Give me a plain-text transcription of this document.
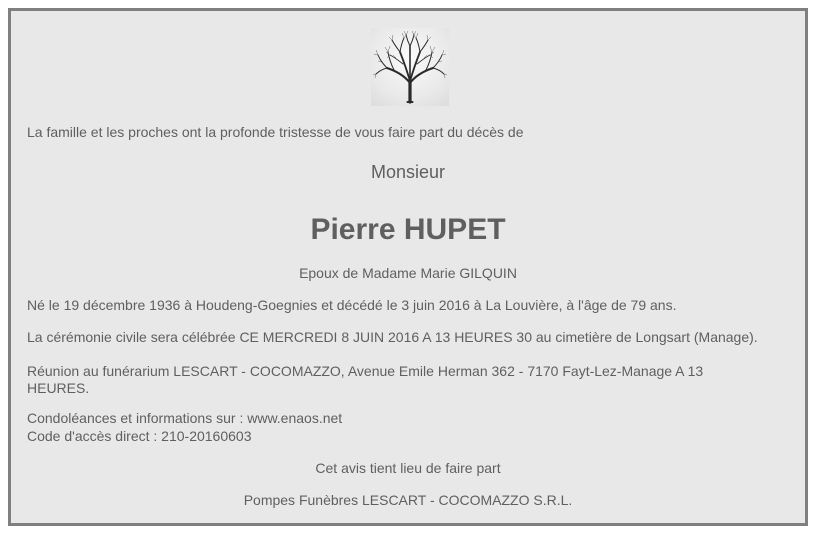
La famille et les proches ont la profonde tristesse de vous faire part du décès de
Monsieur
Pierre HUPET
Epoux de Madame Marie GILQUIN
Né le 19 décembre 1936 à Houdeng-Goegnies et décédé le 3 juin 2016 à La Louvière, à l'âge de 79 ans.
La cérémonie civile sera célébrée CE MERCREDI 8 JUIN 2016 A 13 HEURES 30 au cimetière de Longsart (Manage).
Réunion au funérarium LESCART - COCOMAZZO, Avenue Emile Herman 362 - 7170 Fayt-Lez-Manage A 13
HEURES.
Condoléances et informations sur : www.enaos.net
Code d'accès direct : 210-20160603
Cet avis tient lieu de faire part
Pompes Funèbres LESCART - COCOMAZZO S.R.L.
